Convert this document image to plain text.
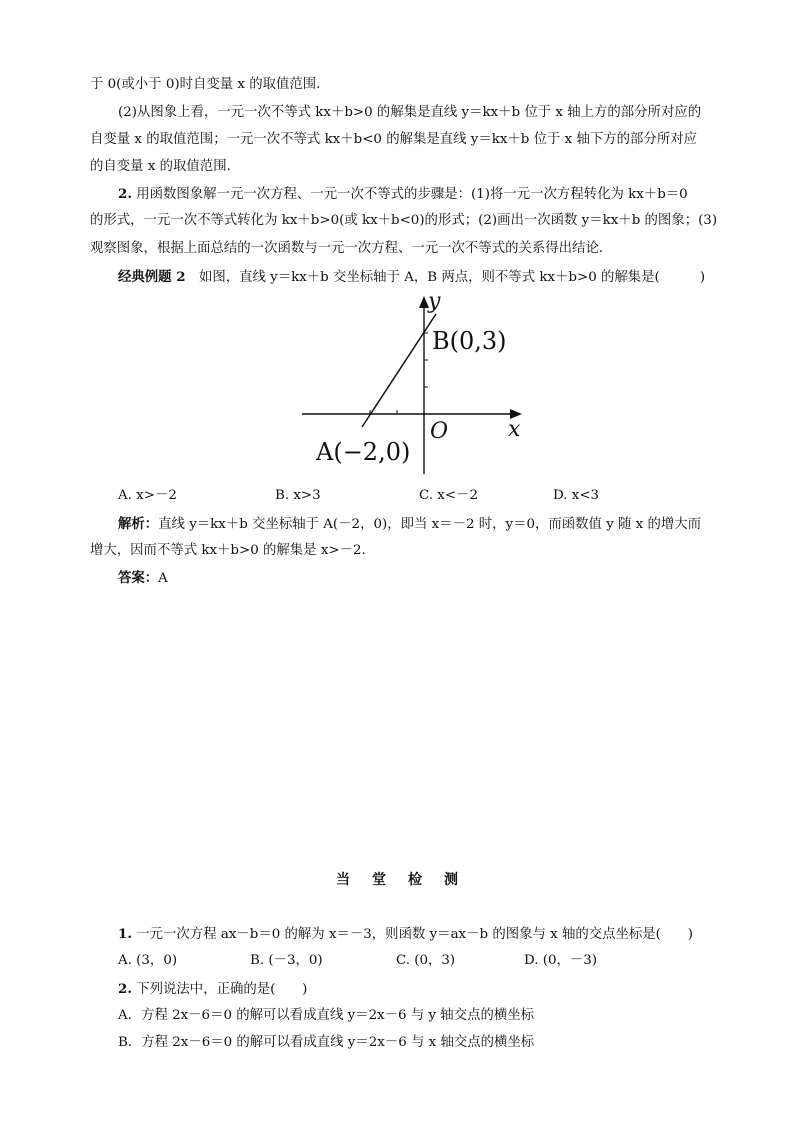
于 0(或小于 0)时自变量 x 的取值范围．
(2)从图象上看，一元一次不等式 kx＋b>0 的解集是直线 y＝kx＋b 位于 x 轴上方的部分所对应的
自变量 x 的取值范围；一元一次不等式 kx＋b<0 的解集是直线 y＝kx＋b 位于 x 轴下方的部分所对应
的自变量 x 的取值范围．
2. 用函数图象解一元一次方程、一元一次不等式的步骤是：(1)将一元一次方程转化为 kx＋b＝0
的形式，一元一次不等式转化为 kx＋b>0(或 kx＋b<0)的形式；(2)画出一次函数 y＝kx＋b 的图象；(3)
观察图象，根据上面总结的一次函数与一元一次方程、一元一次不等式的关系得出结论．
经典例题 2　 如图，直线 y＝kx＋b 交坐标轴于 A，B 两点，则不等式 kx＋b>0 的解集是(　　　)
y
x
O
B(0,3)
A(−2,0)
A. x>－2	B. x>3	C. x<－2	D. x<3
解析：直线 y＝kx＋b 交坐标轴于 A(－2，0)，即当 x＝－2 时，y＝0，而函数值 y 随 x 的增大而
增大，因而不等式 kx＋b>0 的解集是 x>－2.
答案：A
当堂检测
1. 一元一次方程 ax－b＝0 的解为 x＝－3，则函数 y＝ax－b 的图象与 x 轴的交点坐标是(　　)
A. (3，0)	B. (－3，0)	C. (0，3)	D. (0，－3)
2. 下列说法中，正确的是(　　)
A．方程 2x－6＝0 的解可以看成直线 y＝2x－6 与 y 轴交点的横坐标
B．方程 2x－6＝0 的解可以看成直线 y＝2x－6 与 x 轴交点的横坐标
